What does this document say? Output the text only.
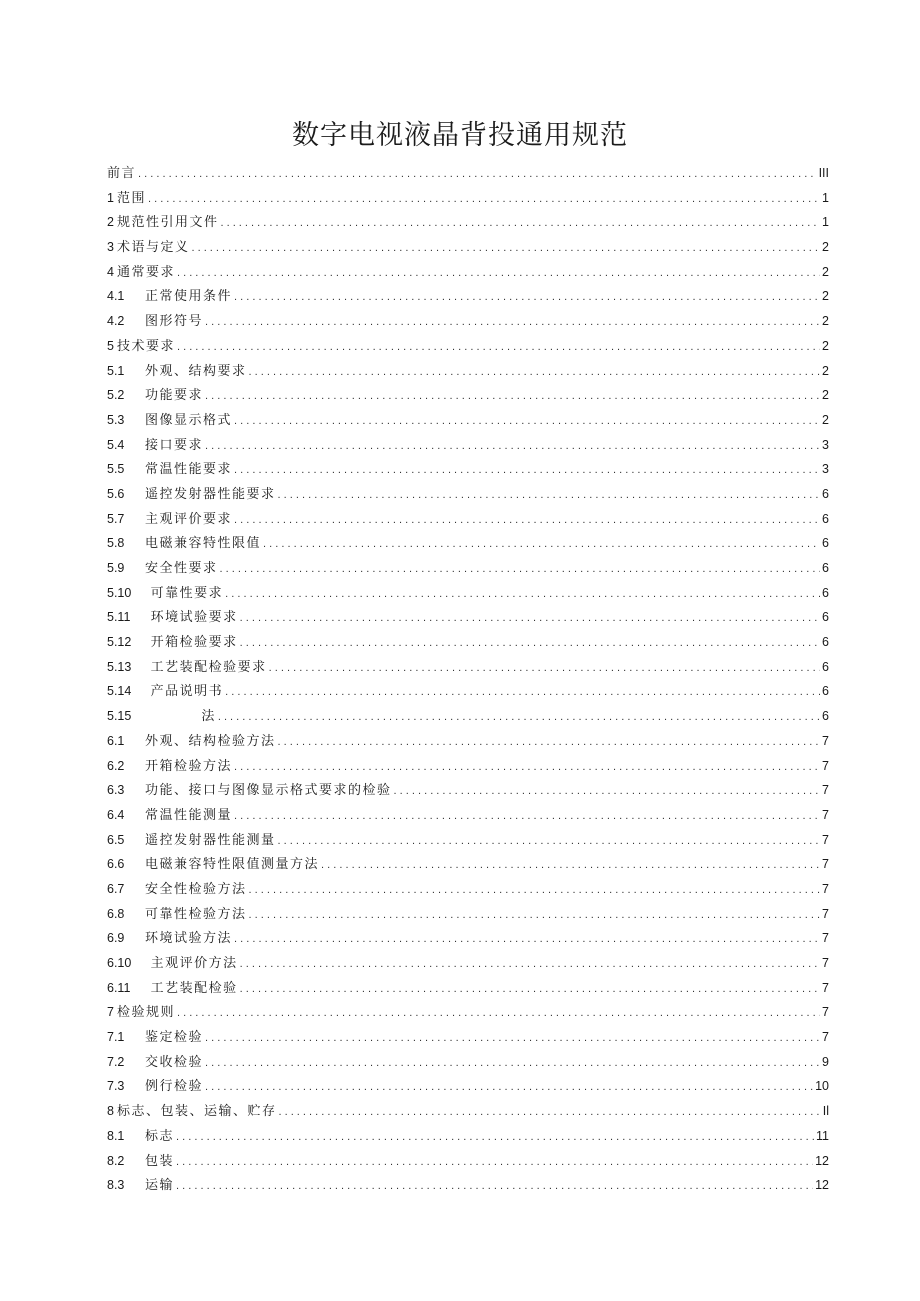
数字电视液晶背投通用规范
前言 . . .	III
1 范围 . . .	1
2 规范性引用文件 . . .	1
3 术语与定义 . . .	2
4 通常要求 . . .	2
4.1	正常使用条件 . . .	2
4.2	图形符号 . . .	2
5 技术要求 . . .	2
5.1	外观、结构要求 . . .	2
5.2	功能要求 . . .	2
5.3	图像显示格式 . . .	2
5.4	接口要求 . . .	3
5.5	常温性能要求 . . .	3
5.6	遥控发射器性能要求 . . .	6
5.7	主观评价要求 . . .	6
5.8	电磁兼容特性限值 . . .	6
5.9	安全性要求 . . .	6
5.10	可靠性要求 . . .	6
5.11	环境试验要求 . . .	6
5.12	开箱检验要求 . . .	6
5.13	工艺装配检验要求 . . .	6
5.14	产品说明书 . . .	6
5.15	法 . . .	6
6.1	外观、结构检验方法 . . .	7
6.2	开箱检验方法 . . .	7
6.3	功能、接口与图像显示格式要求的检验 . . .	7
6.4	常温性能测量 . . .	7
6.5	遥控发射器性能测量 . . .	7
6.6	电磁兼容特性限值测量方法 . . .	7
6.7	安全性检验方法 . . .	7
6.8	可靠性检验方法 . . .	7
6.9	环境试验方法 . . .	7
6.10	主观评价方法 . . .	7
6.11	工艺装配检验 . . .	7
7 检验规则 . . .	7
7.1	鉴定检验 . . .	7
7.2	交收检验 . . .	9
7.3	例行检验 . . .	10
8 标志、包装、运输、贮存 . . .	Il
8.1	标志 . . .	11
8.2	包装 . . .	12
8.3	运输 . . .	12
